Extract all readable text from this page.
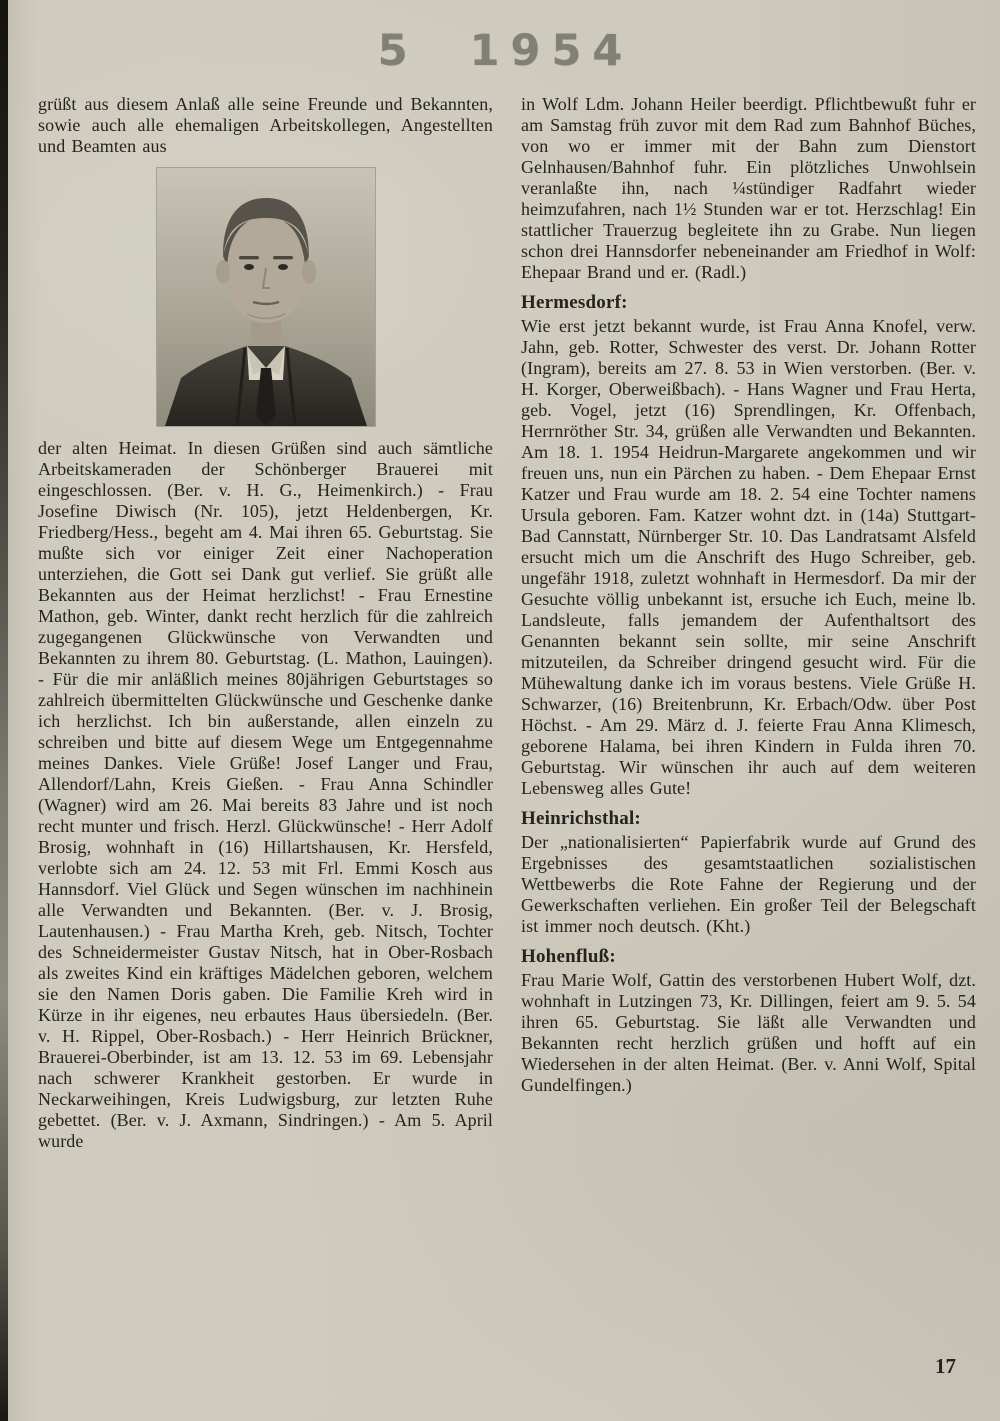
5 1954

grüßt aus diesem Anlaß alle seine Freunde und Bekannten, sowie auch alle ehemaligen Arbeitskollegen, Angestellten und Beamten aus

der alten Heimat. In diesen Grüßen sind auch sämtliche Arbeitskameraden der Schönberger Brauerei mit eingeschlossen. (Ber. v. H. G., Heimenkirch.) - Frau Josefine Diwisch (Nr. 105), jetzt Heldenbergen, Kr. Friedberg/Hess., begeht am 4. Mai ihren 65. Geburtstag. Sie mußte sich vor einiger Zeit einer Nachoperation unterziehen, die Gott sei Dank gut verlief. Sie grüßt alle Bekannten aus der Heimat herzlichst! - Frau Ernestine Mathon, geb. Winter, dankt recht herzlich für die zahlreich zugegangenen Glückwünsche von Verwandten und Bekannten zu ihrem 80. Geburtstag. (L. Mathon, Lauingen). - Für die mir anläßlich meines 80jährigen Geburtstages so zahlreich übermittelten Glückwünsche und Geschenke danke ich herzlichst. Ich bin außerstande, allen einzeln zu schreiben und bitte auf diesem Wege um Entgegennahme meines Dankes. Viele Grüße! Josef Langer und Frau, Allendorf/Lahn, Kreis Gießen. - Frau Anna Schindler (Wagner) wird am 26. Mai bereits 83 Jahre und ist noch recht munter und frisch. Herzl. Glückwünsche! - Herr Adolf Brosig, wohnhaft in (16) Hillartshausen, Kr. Hersfeld, verlobte sich am 24. 12. 53 mit Frl. Emmi Kosch aus Hannsdorf. Viel Glück und Segen wünschen im nachhinein alle Verwandten und Bekannten. (Ber. v. J. Brosig, Lautenhausen.) - Frau Martha Kreh, geb. Nitsch, Tochter des Schneidermeister Gustav Nitsch, hat in Ober-Rosbach als zweites Kind ein kräftiges Mädelchen geboren, welchem sie den Namen Doris gaben. Die Familie Kreh wird in Kürze in ihr eigenes, neu erbautes Haus übersiedeln. (Ber. v. H. Rippel, Ober-Rosbach.) - Herr Heinrich Brückner, Brauerei-Oberbinder, ist am 13. 12. 53 im 69. Lebensjahr nach schwerer Krankheit gestorben. Er wurde in Neckarweihingen, Kreis Ludwigsburg, zur letzten Ruhe gebettet. (Ber. v. J. Axmann, Sindringen.) - Am 5. April wurde

in Wolf Ldm. Johann Heiler beerdigt. Pflichtbewußt fuhr er am Samstag früh zuvor mit dem Rad zum Bahnhof Büches, von wo er immer mit der Bahn zum Dienstort Gelnhausen/Bahnhof fuhr. Ein plötzliches Unwohlsein veranlaßte ihn, nach ¼stündiger Radfahrt wieder heimzufahren, nach 1½ Stunden war er tot. Herzschlag! Ein stattlicher Trauerzug begleitete ihn zu Grabe. Nun liegen schon drei Hannsdorfer nebeneinander am Friedhof in Wolf: Ehepaar Brand und er. (Radl.)

Hermesdorf:

Wie erst jetzt bekannt wurde, ist Frau Anna Knofel, verw. Jahn, geb. Rotter, Schwester des verst. Dr. Johann Rotter (Ingram), bereits am 27. 8. 53 in Wien verstorben. (Ber. v. H. Korger, Oberweißbach). - Hans Wagner und Frau Herta, geb. Vogel, jetzt (16) Sprendlingen, Kr. Offenbach, Herrnröther Str. 34, grüßen alle Verwandten und Bekannten. Am 18. 1. 1954 Heidrun-Margarete angekommen und wir freuen uns, nun ein Pärchen zu haben. - Dem Ehepaar Ernst Katzer und Frau wurde am 18. 2. 54 eine Tochter namens Ursula geboren. Fam. Katzer wohnt dzt. in (14a) Stuttgart-Bad Cannstatt, Nürnberger Str. 10. Das Landratsamt Alsfeld ersucht mich um die Anschrift des Hugo Schreiber, geb. ungefähr 1918, zuletzt wohnhaft in Hermesdorf. Da mir der Gesuchte völlig unbekannt ist, ersuche ich Euch, meine lb. Landsleute, falls jemandem der Aufenthaltsort des Genannten bekannt sein sollte, mir seine Anschrift mitzuteilen, da Schreiber dringend gesucht wird. Für die Mühewaltung danke ich im voraus bestens. Viele Grüße H. Schwarzer, (16) Breitenbrunn, Kr. Erbach/Odw. über Post Höchst. - Am 29. März d. J. feierte Frau Anna Klimesch, geborene Halama, bei ihren Kindern in Fulda ihren 70. Geburtstag. Wir wünschen ihr auch auf dem weiteren Lebensweg alles Gute!

Heinrichsthal:

Der „nationalisierten“ Papierfabrik wurde auf Grund des Ergebnisses des gesamtstaatlichen sozialistischen Wettbewerbs die Rote Fahne der Regierung und der Gewerkschaften verliehen. Ein großer Teil der Belegschaft ist immer noch deutsch. (Kht.)

Hohenfluß:

Frau Marie Wolf, Gattin des verstorbenen Hubert Wolf, dzt. wohnhaft in Lutzingen 73, Kr. Dillingen, feiert am 9. 5. 54 ihren 65. Geburtstag. Sie läßt alle Verwandten und Bekannten recht herzlich grüßen und hofft auf ein Wiedersehen in der alten Heimat. (Ber. v. Anni Wolf, Spital Gundelfingen.)

17
